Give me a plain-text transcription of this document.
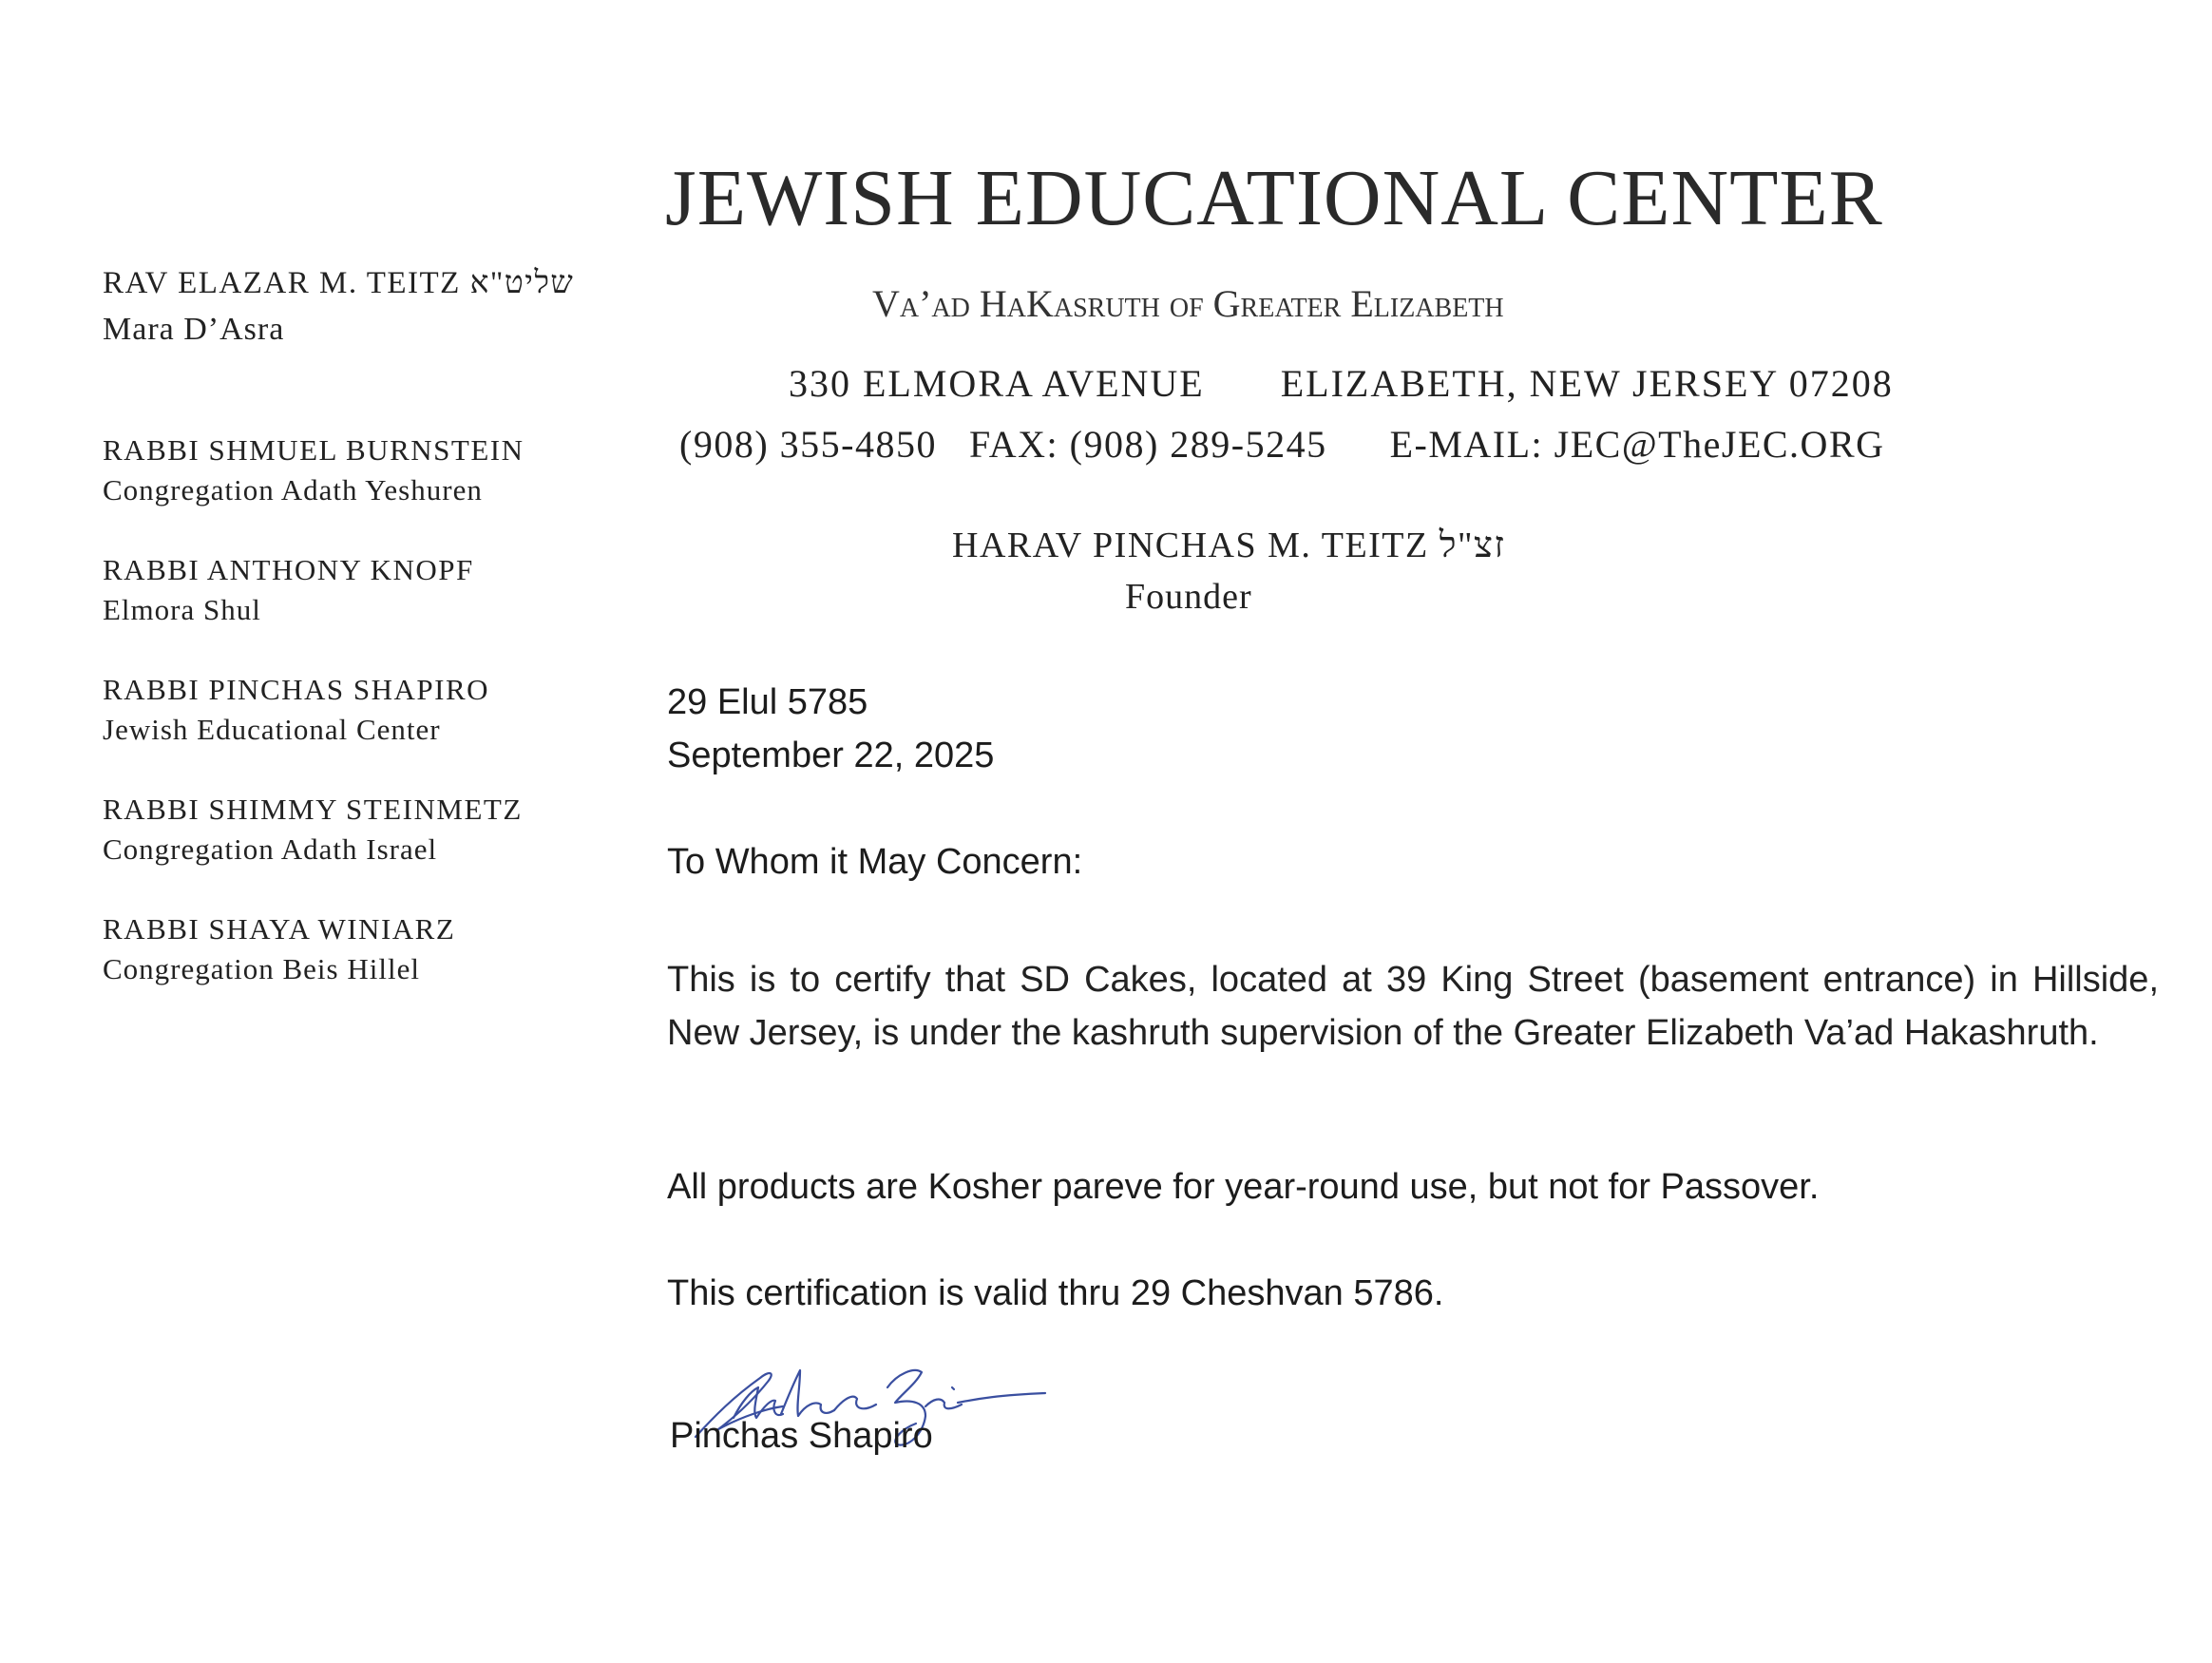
JEWISH EDUCATIONAL CENTER
Va’ad HaKasruth of Greater Elizabeth
330 ELMORA AVENUE ELIZABETH, NEW JERSEY 07208
(908) 355-4850 FAX: (908) 289-5245 E-MAIL: JEC@TheJEC.ORG
HARAV PINCHAS M. TEITZ זצ"ל
Founder
RAV ELAZAR M. TEITZ שליט"א
Mara D’Asra
RABBI SHMUEL BURNSTEIN
Congregation Adath Yeshuren
RABBI ANTHONY KNOPF
Elmora Shul
RABBI PINCHAS SHAPIRO
Jewish Educational Center
RABBI SHIMMY STEINMETZ
Congregation Adath Israel
RABBI SHAYA WINIARZ
Congregation Beis Hillel
29 Elul 5785
September 22, 2025
To Whom it May Concern:
This is to certify that SD Cakes, located at 39 King Street (basement entrance) in Hillside, New Jersey, is under the kashruth supervision of the Greater Elizabeth Va’ad Hakashruth.
All products are Kosher pareve for year-round use, but not for Passover.
This certification is valid thru 29 Cheshvan 5786.
Pinchas Shapiro
